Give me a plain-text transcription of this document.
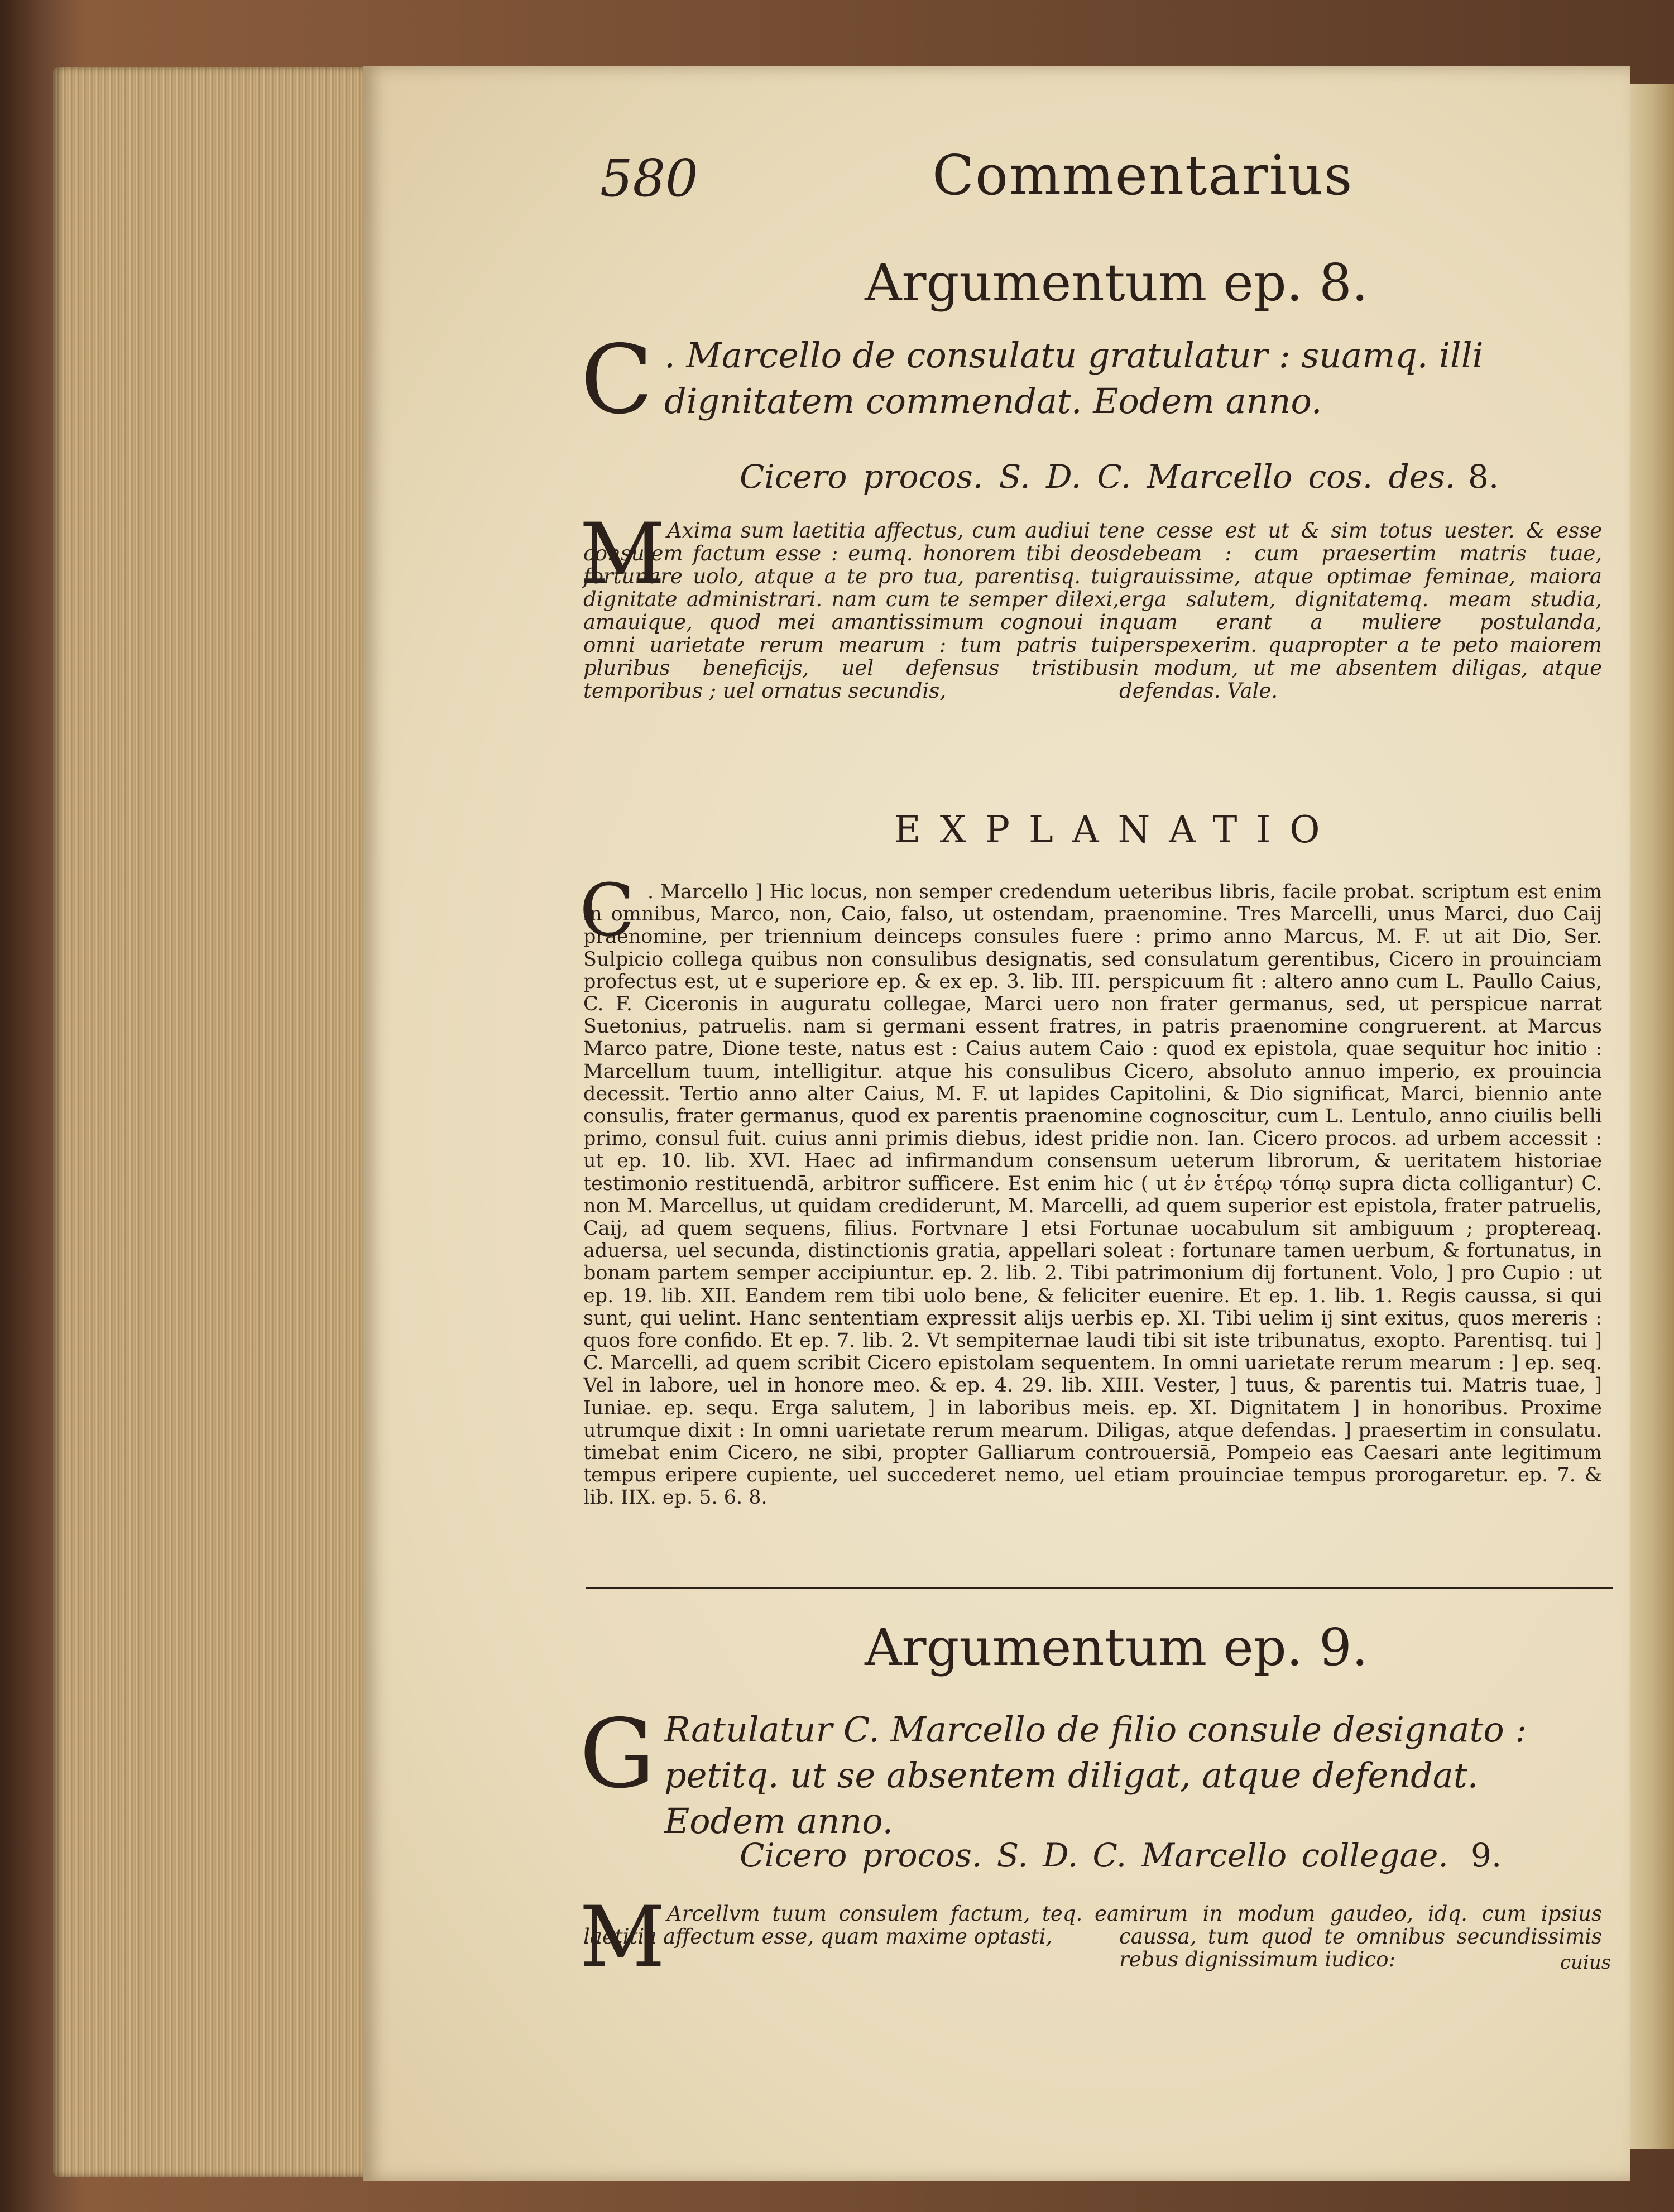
580	Commentarius
Argumentum ep. 8.
C . Marcello de consulatu gratulatur : suamq. illi dignitatem commendat. Eodem anno.
Cicero procos. S. D. C. Marcello cos. des. 8.
M Axima sum laetitia affectus, cum audiui te consulem factum esse : eumq. honorem tibi deos fortunare uolo, atque a te pro tua, parentisq. tui dignitate administrari. nam cum te semper dilexi, amauique, quod mei amantissimum cognoui in omni uarietate rerum mearum : tum patris tui pluribus beneficijs, uel defensus tristibus temporibus ; uel ornatus secundis,
ne cesse est ut & sim totus uester. & esse debeam : cum praesertim matris tuae, grauissime, atque optimae feminae, maiora erga salutem, dignitatemq. meam studia, quam erant a muliere postulanda, perspexerim. quapropter a te peto maiorem in modum, ut me absentem diligas, atque defendas. Vale.
EXPLANATIO
C . Marcello ] Hic locus, non semper credendum ueteribus libris, facile probat. scriptum est enim in omnibus, Marco, non, Caio, falso, ut ostendam, praenomine. Tres Marcelli, unus Marci, duo Caij praenomine, per triennium deinceps consules fuere : primo anno Marcus, M. F. ut ait Dio, Ser. Sulpicio collega quibus non consulibus designatis, sed consulatum gerentibus, Cicero in prouinciam profectus est, ut e superiore ep. & ex ep. 3. lib. III. perspicuum fit : altero anno cum L. Paullo Caius, C. F. Ciceronis in auguratu collegae, Marci uero non frater germanus, sed, ut perspicue narrat Suetonius, patruelis. nam si germani essent fratres, in patris praenomine congruerent. at Marcus Marco patre, Dione teste, natus est : Caius autem Caio : quod ex epistola, quae sequitur hoc initio : Marcellum tuum, intelligitur. atque his consulibus Cicero, absoluto annuo imperio, ex prouincia decessit. Tertio anno alter Caius, M. F. ut lapides Capitolini, & Dio significat, Marci, biennio ante consulis, frater germanus, quod ex parentis praenomine cognoscitur, cum L. Lentulo, anno ciuilis belli primo, consul fuit. cuius anni primis diebus, idest pridie non. Ian. Cicero procos. ad urbem accessit : ut ep. 10. lib. XVI. Haec ad infirmandum consensum ueterum librorum, & ueritatem historiae testimonio restituendā, arbitror sufficere. Est enim hic ( ut ἐν ἑτέρῳ τόπῳ supra dicta colligantur) C. non M. Marcellus, ut quidam crediderunt, M. Marcelli, ad quem superior est epistola, frater patruelis, Caij, ad quem sequens, filius. Fortvnare ] etsi Fortunae uocabulum sit ambiguum ; proptereaq. aduersa, uel secunda, distinctionis gratia, appellari soleat : fortunare tamen uerbum, & fortunatus, in bonam partem semper accipiuntur. ep. 2. lib. 2. Tibi patrimonium dij fortunent. Volo, ] pro Cupio : ut ep. 19. lib. XII. Eandem rem tibi uolo bene, & feliciter euenire. Et ep. 1. lib. 1. Regis caussa, si qui sunt, qui uelint. Hanc sententiam expressit alijs uerbis ep. XI. Tibi uelim ij sint exitus, quos mereris : quos fore confido. Et ep. 7. lib. 2. Vt sempiternae laudi tibi sit iste tribunatus, exopto. Parentisq. tui ] C. Marcelli, ad quem scribit Cicero epistolam sequentem. In omni uarietate rerum mearum : ] ep. seq. Vel in labore, uel in honore meo. & ep. 4. 29. lib. XIII. Vester, ] tuus, & parentis tui. Matris tuae, ] Iuniae. ep. sequ. Erga salutem, ] in laboribus meis. ep. XI. Dignitatem ] in honoribus. Proxime utrumque dixit : In omni uarietate rerum mearum. Diligas, atque defendas. ] praesertim in consulatu. timebat enim Cicero, ne sibi, propter Galliarum controuersiā, Pompeio eas Caesari ante legitimum tempus eripere cupiente, uel succederet nemo, uel etiam prouinciae tempus prorogaretur. ep. 7. & lib. IIX. ep. 5. 6. 8.
Argumentum ep. 9.
G Ratulatur C. Marcello de filio consule designato : petitq. ut se absentem diligat, atque defendat. Eodem anno.
Cicero procos. S. D. C. Marcello collegae. 9.
M Arcellvm tuum consulem factum, teq. ea laetitia affectum esse, quam maxime optasti,
mirum in modum gaudeo, idq. cum ipsius caussa, tum quod te omnibus secundissimis rebus dignissimum iudico:	cuius
